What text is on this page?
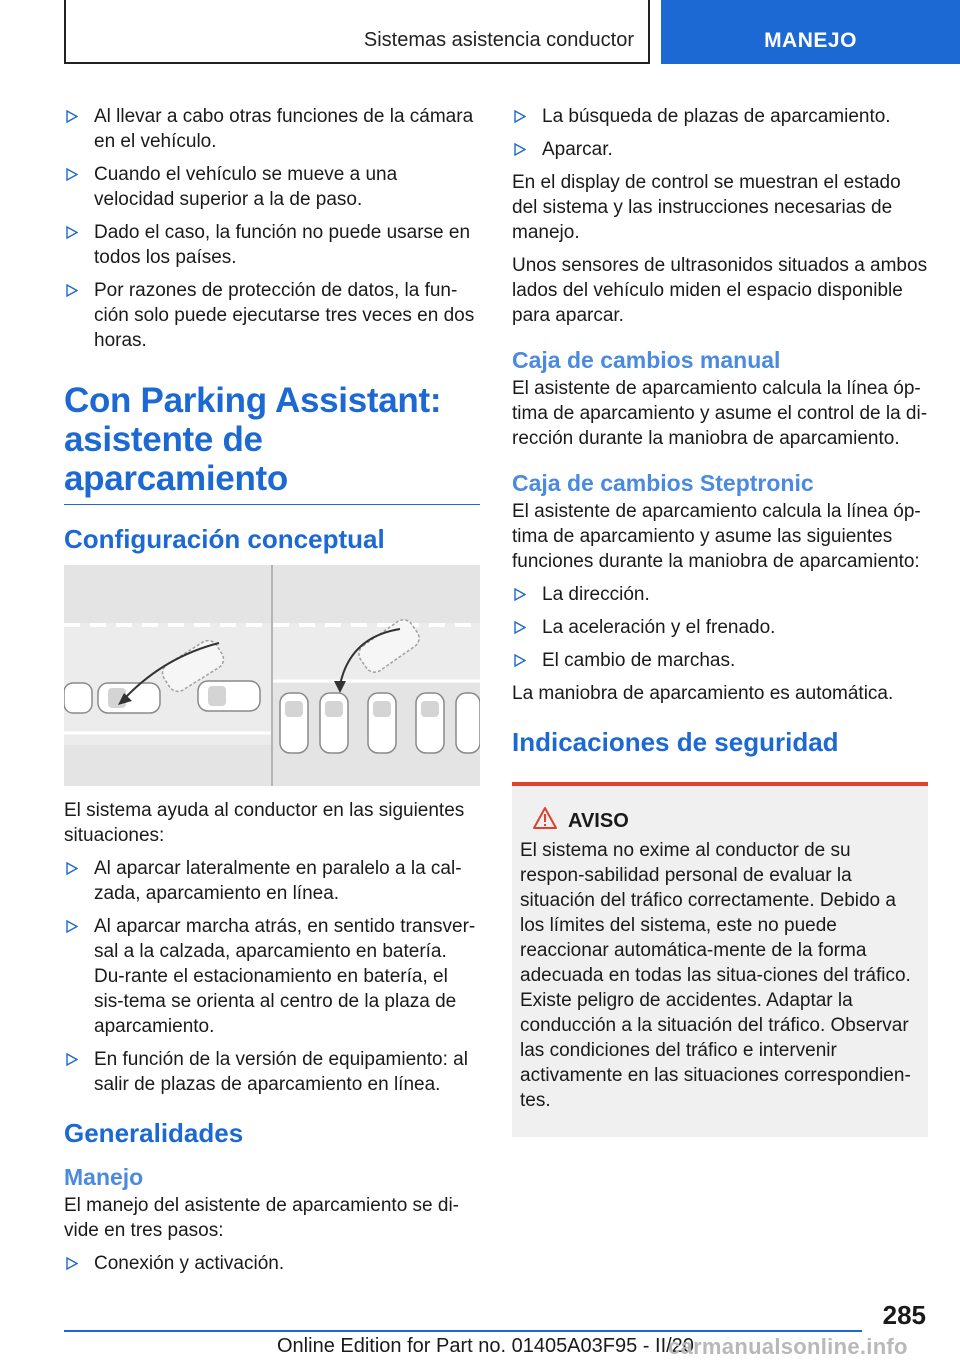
Sistemas asistencia conductor	MANEJO
Al llevar a cabo otras funciones de la cámara en el vehículo.
Cuando el vehículo se mueve a una velocidad superior a la de paso.
Dado el caso, la función no puede usarse en todos los países.
Por razones de protección de datos, la fun-ción solo puede ejecutarse tres veces en dos horas.
Con Parking Assistant: asistente de aparcamiento
Configuración conceptual

El sistema ayuda al conductor en las siguientes situaciones:

Al aparcar lateralmente en paralelo a la cal-zada, aparcamiento en línea.
Al aparcar marcha atrás, en sentido transver-sal a la calzada, aparcamiento en batería. Du-rante el estacionamiento en batería, el sis-tema se orienta al centro de la plaza de aparcamiento.
En función de la versión de equipamiento: al salir de plazas de aparcamiento en línea.
Generalidades
Manejo

El manejo del asistente de aparcamiento se di-vide en tres pasos:

Conexión y activación.
La búsqueda de plazas de aparcamiento.
Aparcar.

En el display de control se muestran el estado del sistema y las instrucciones necesarias de manejo.

Unos sensores de ultrasonidos situados a ambos lados del vehículo miden el espacio disponible para aparcar.

Caja de cambios manual

El asistente de aparcamiento calcula la línea óp-tima de aparcamiento y asume el control de la di-rección durante la maniobra de aparcamiento.

Caja de cambios Steptronic

El asistente de aparcamiento calcula la línea óp-tima de aparcamiento y asume las siguientes funciones durante la maniobra de aparcamiento:

La dirección.
La aceleración y el frenado.
El cambio de marchas.

La maniobra de aparcamiento es automática.

Indicaciones de seguridad
AVISO

El sistema no exime al conductor de su respon-sabilidad personal de evaluar la situación del tráfico correctamente. Debido a los límites del sistema, este no puede reaccionar automática-mente de la forma adecuada en todas las situa-ciones del tráfico. Existe peligro de accidentes. Adaptar la conducción a la situación del tráfico. Observar las condiciones del tráfico e intervenir activamente en las situaciones correspondien-tes.

285
Online Edition for Part no. 01405A03F95 - II/20
carmanualsonline.info
